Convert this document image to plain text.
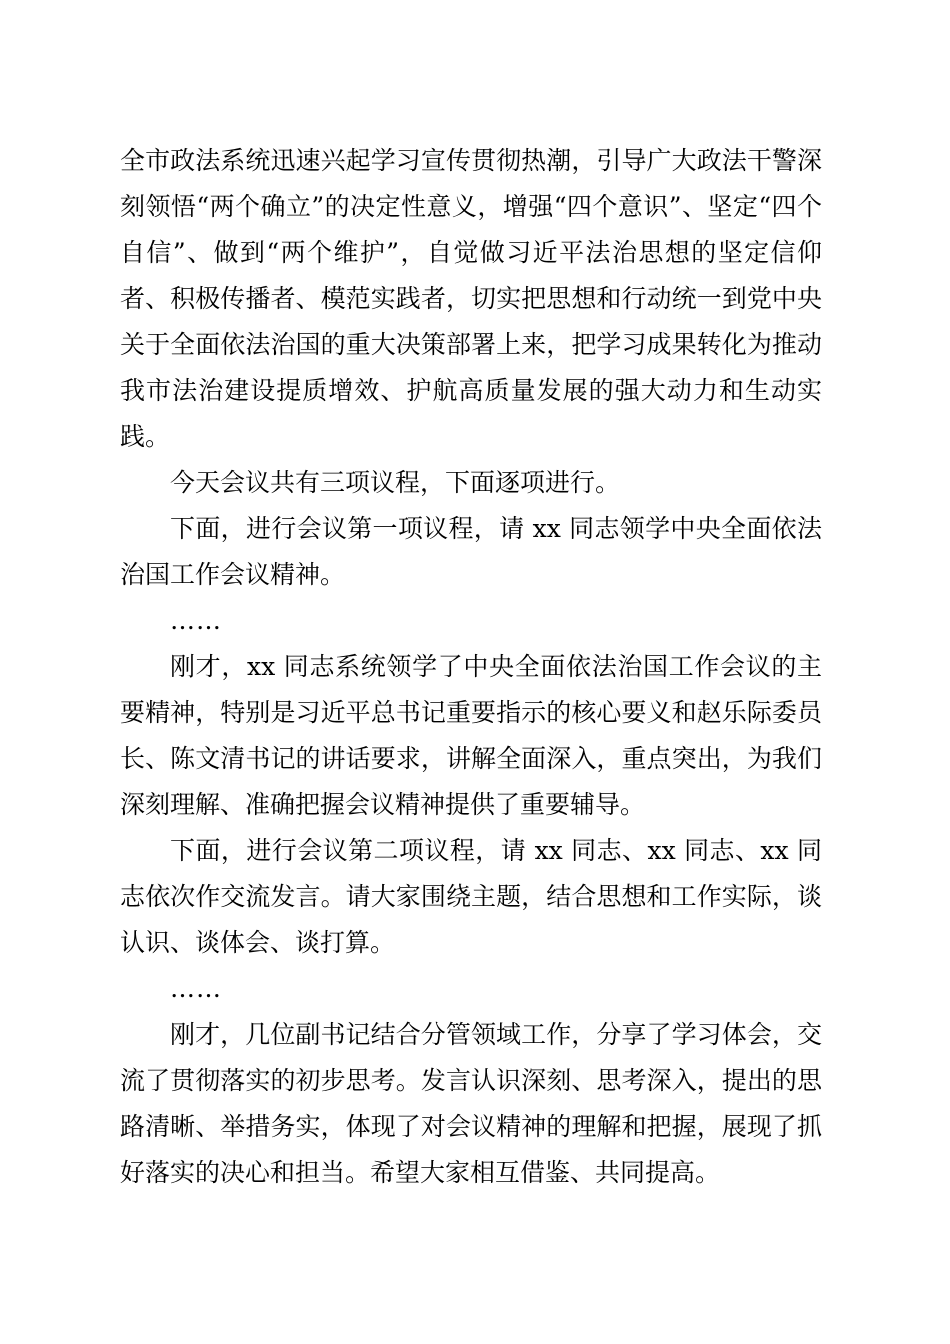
全市政法系统迅速兴起学习宣传贯彻热潮，引导广大政法干警深刻领悟“两个确立”的决定性意义，增强“四个意识”、坚定“四个自信”、做到“两个维护”，自觉做习近平法治思想的坚定信仰者、积极传播者、模范实践者，切实把思想和行动统一到党中央关于全面依法治国的重大决策部署上来，把学习成果转化为推动我市法治建设提质增效、护航高质量发展的强大动力和生动实践。

今天会议共有三项议程，下面逐项进行。

下面，进行会议第一项议程，请 xx 同志领学中央全面依法治国工作会议精神。

……

刚才，xx 同志系统领学了中央全面依法治国工作会议的主要精神，特别是习近平总书记重要指示的核心要义和赵乐际委员长、陈文清书记的讲话要求，讲解全面深入，重点突出，为我们深刻理解、准确把握会议精神提供了重要辅导。

下面，进行会议第二项议程，请 xx 同志、xx 同志、xx 同志依次作交流发言。请大家围绕主题，结合思想和工作实际，谈认识、谈体会、谈打算。

……

刚才，几位副书记结合分管领域工作，分享了学习体会，交流了贯彻落实的初步思考。发言认识深刻、思考深入，提出的思路清晰、举措务实，体现了对会议精神的理解和把握，展现了抓好落实的决心和担当。希望大家相互借鉴、共同提高。
